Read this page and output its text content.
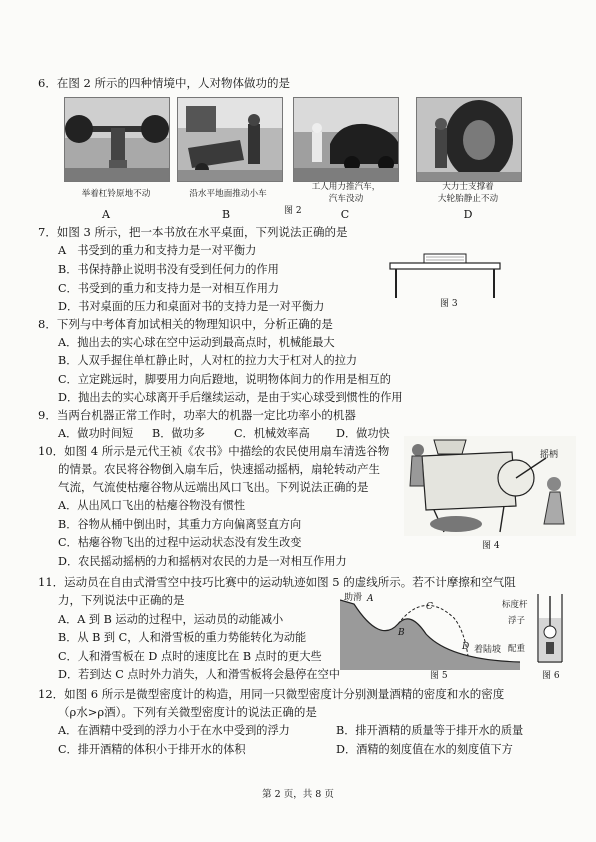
6．在图 2 所示的四种情境中，人对物体做功的是
举着杠铃原地不动
A
沿水平地面推动小车
B
工人用力推汽车，
汽车没动
C
大力士支撑着
大轮胎静止不动
D
图 2
7．如图 3 所示，把一本书放在水平桌面，下列说法正确的是
A　书受到的重力和支持力是一对平衡力
B．书保持静止说明书没有受到任何力的作用
C．书受到的重力和支持力是一对相互作用力
D．书对桌面的压力和桌面对书的支持力是一对平衡力	图 3
8．下列与中考体育加试相关的物理知识中，分析正确的是
A．抛出去的实心球在空中运动到最高点时，机械能最大
B．人双手握住单杠静止时，人对杠的拉力大于杠对人的拉力
C．立定跳远时，脚要用力向后蹬地，说明物体间力的作用是相互的
D．抛出去的实心球离开手后继续运动，是由于实心球受到惯性的作用
9．当两台机器正常工作时，功率大的机器一定比功率小的机器
A．做功时间短 B．做功多	C．机械效率高 D．做功快
10．如图 4 所示是元代王祯《农书》中描绘的农民使用扇车清选谷物
的情景。农民将谷物倒入扇车后，快速摇动摇柄，扇轮转动产生
气流，气流使枯瘪谷物从远端出风口飞出。下列说法正确的是
A．从出风口飞出的枯瘪谷物没有惯性
B．谷物从桶中倒出时，其重力方向偏离竖直方向
C．枯瘪谷物飞出的过程中运动状态没有发生改变
D．农民摇动摇柄的力和摇柄对农民的力是一对相互作用力
摇柄
图 4
11．运动员在自由式滑雪空中技巧比赛中的运动轨迹如图 5 的虚线所示。若不计摩擦和空气阻
力，下列说法中正确的是
A．A 到 B 运动的过程中，运动员的动能减小
B．从 B 到 C，人和滑雪板的重力势能转化为动能
C．人和滑雪板在 D 点时的速度比在 B 点时的更大些
D．若到达 C 点时外力消失，人和滑雪板将会悬停在空中
助滑 A
B
C
D 着陆坡
图 5
标度杆
浮子
配重
图 6
12．如图 6 所示是微型密度计的构造，用同一只微型密度计分别测量酒精的密度和水的密度
（ρ水>ρ酒）。下列有关微型密度计的说法正确的是
A．在酒精中受到的浮力小于在水中受到的浮力	B．排开酒精的质量等于排开水的质量
C．排开酒精的体积小于排开水的体积	D．酒精的刻度值在水的刻度值下方
第 2 页，共 8 页
